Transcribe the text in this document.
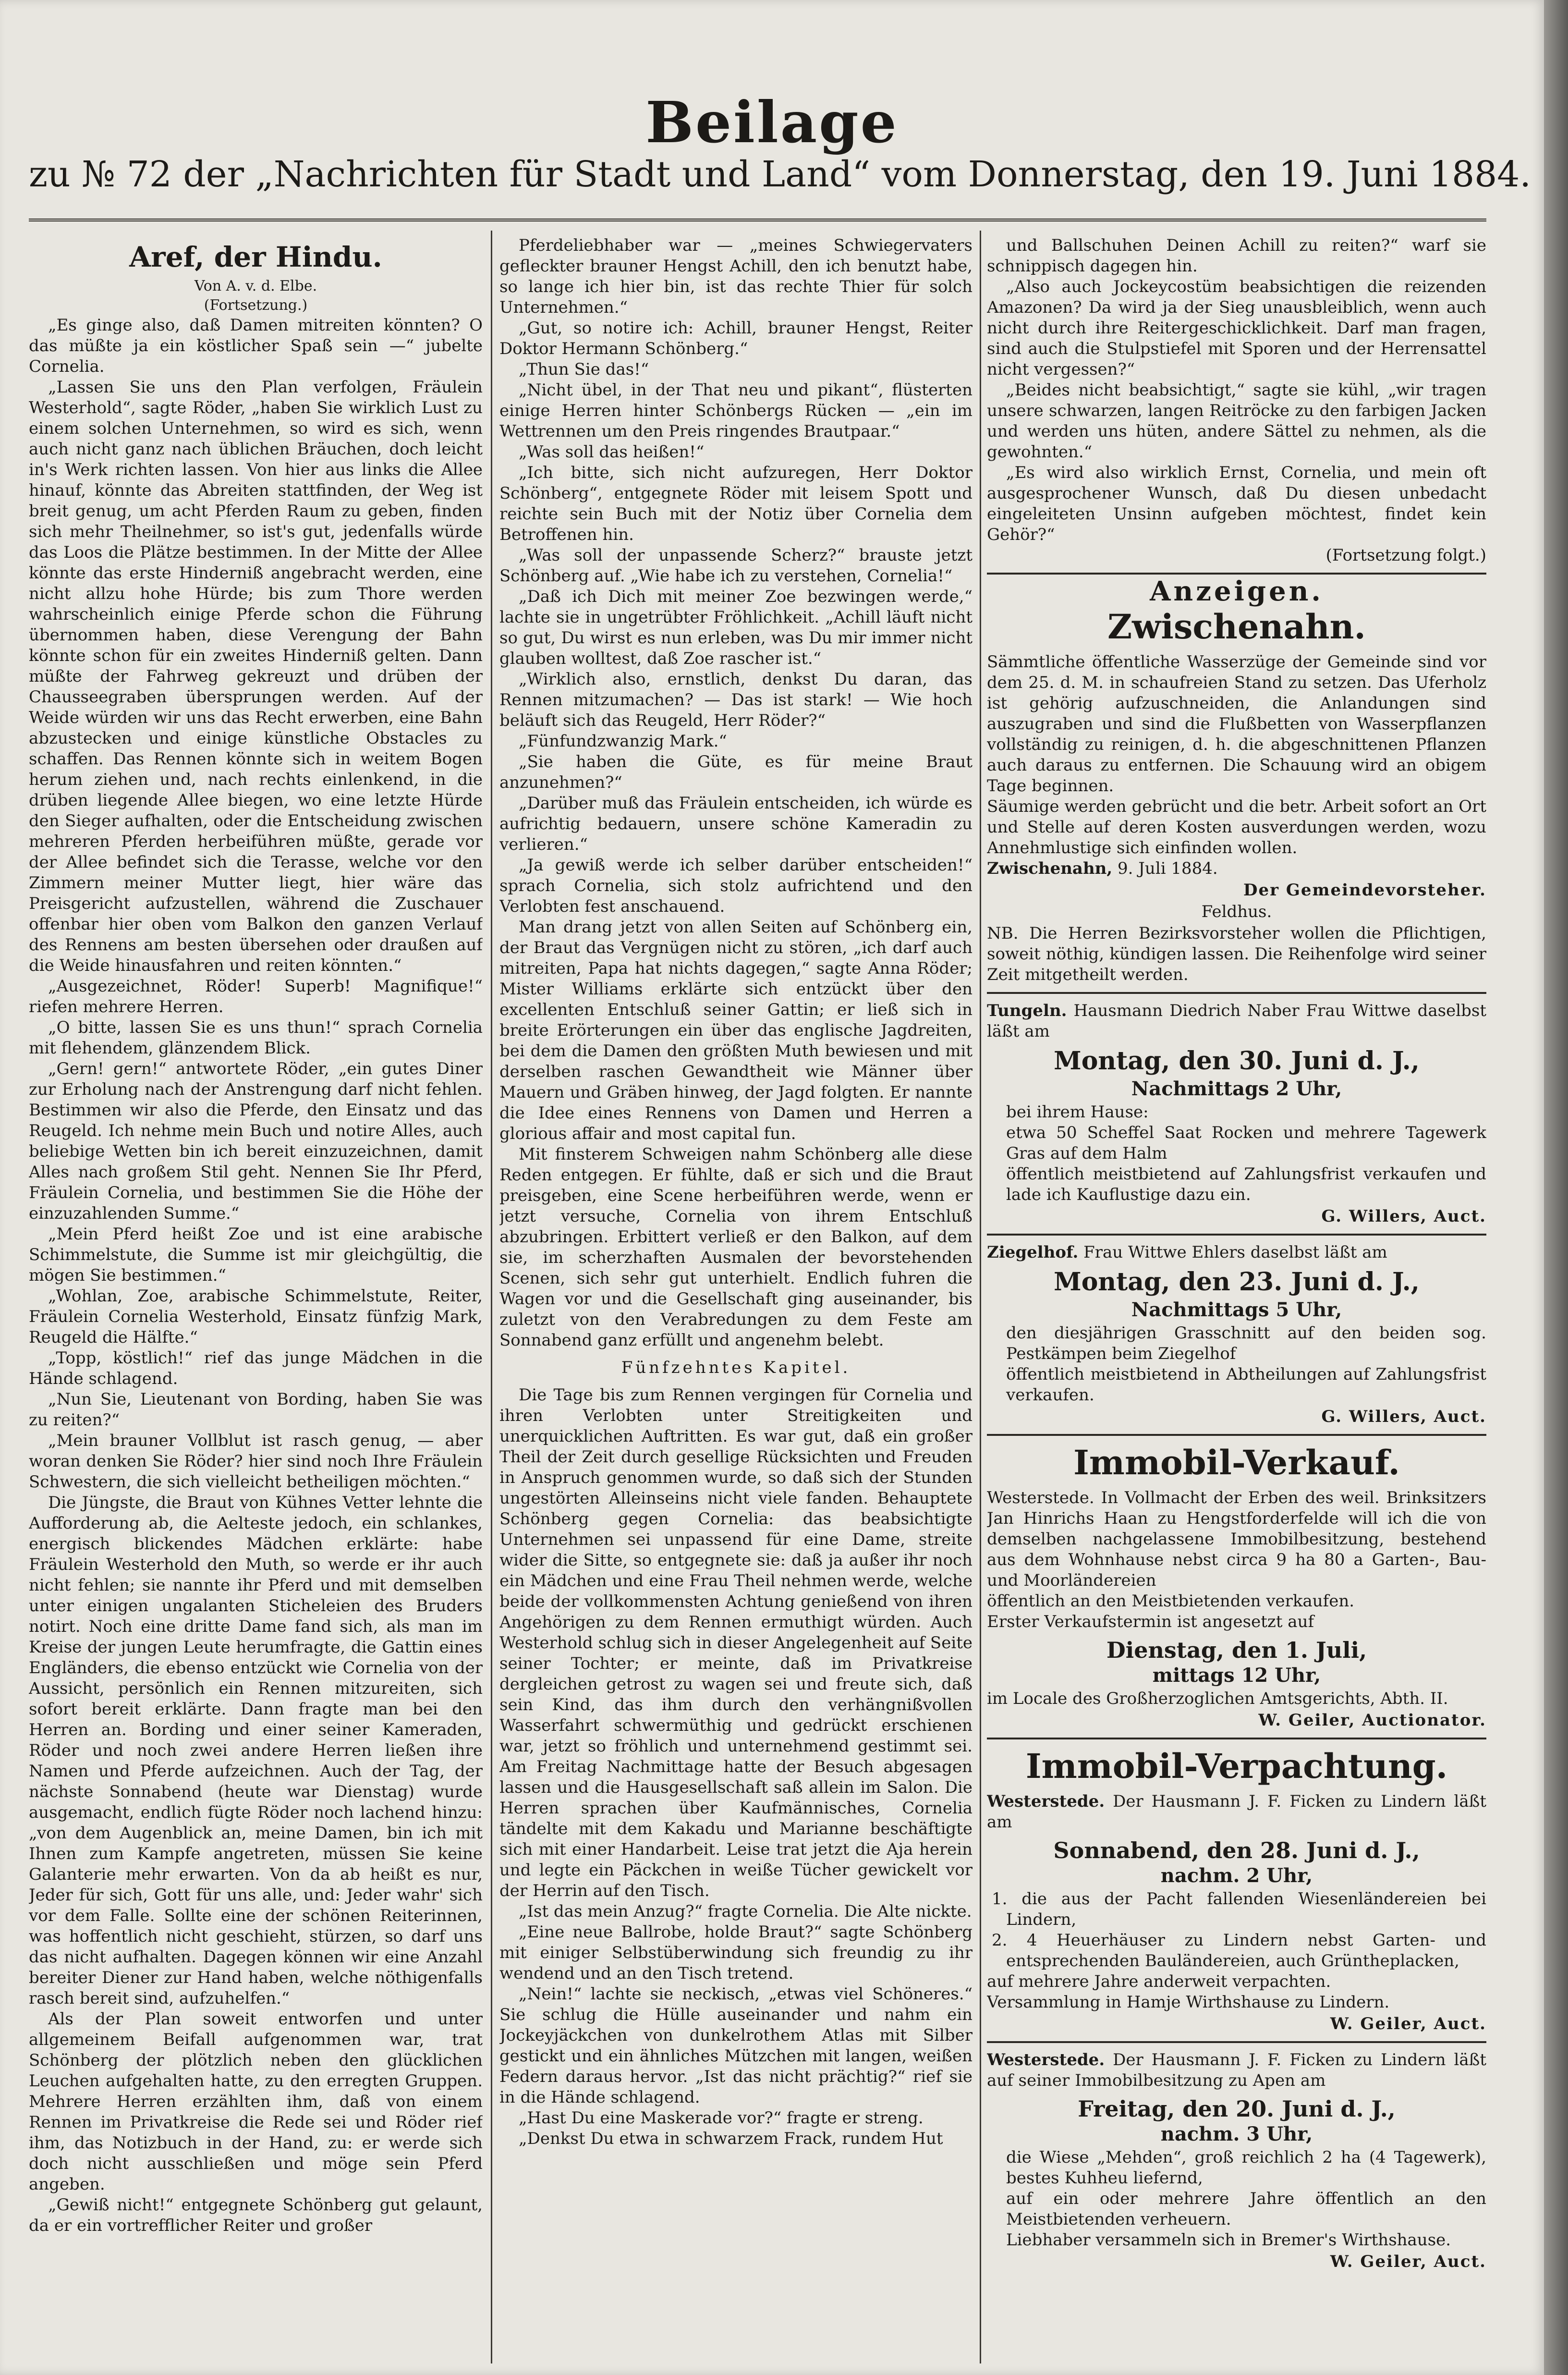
Beilage
zu № 72 der „Nachrichten für Stadt und Land“ vom Donnerstag, den 19. Juni 1884.
Aref, der Hindu.

Von A. v. d. Elbe.

(Fortsetzung.)

„Es ginge also, daß Damen mitreiten könnten? O das müßte ja ein köstlicher Spaß sein —“ jubelte Cornelia.

„Lassen Sie uns den Plan verfolgen, Fräulein Westerhold“, sagte Röder, „haben Sie wirklich Lust zu einem solchen Unternehmen, so wird es sich, wenn auch nicht ganz nach üblichen Bräuchen, doch leicht in's Werk richten lassen. Von hier aus links die Allee hinauf, könnte das Abreiten stattfinden, der Weg ist breit genug, um acht Pferden Raum zu geben, finden sich mehr Theilnehmer, so ist's gut, jedenfalls würde das Loos die Plätze bestimmen. In der Mitte der Allee könnte das erste Hinderniß angebracht werden, eine nicht allzu hohe Hürde; bis zum Thore werden wahrscheinlich einige Pferde schon die Führung übernommen haben, diese Verengung der Bahn könnte schon für ein zweites Hinderniß gelten. Dann müßte der Fahrweg gekreuzt und drüben der Chausseegraben übersprungen werden. Auf der Weide würden wir uns das Recht erwerben, eine Bahn abzustecken und einige künstliche Obstacles zu schaffen. Das Rennen könnte sich in weitem Bogen herum ziehen und, nach rechts einlenkend, in die drüben liegende Allee biegen, wo eine letzte Hürde den Sieger aufhalten, oder die Entscheidung zwischen mehreren Pferden herbeiführen müßte, gerade vor der Allee befindet sich die Terasse, welche vor den Zimmern meiner Mutter liegt, hier wäre das Preisgericht aufzustellen, während die Zuschauer offenbar hier oben vom Balkon den ganzen Verlauf des Rennens am besten übersehen oder draußen auf die Weide hinausfahren und reiten könnten.“

„Ausgezeichnet, Röder! Superb! Magnifique!“ riefen mehrere Herren.

„O bitte, lassen Sie es uns thun!“ sprach Cornelia mit flehendem, glänzendem Blick.

„Gern! gern!“ antwortete Röder, „ein gutes Diner zur Erholung nach der Anstrengung darf nicht fehlen. Bestimmen wir also die Pferde, den Einsatz und das Reugeld. Ich nehme mein Buch und notire Alles, auch beliebige Wetten bin ich bereit einzuzeichnen, damit Alles nach großem Stil geht. Nennen Sie Ihr Pferd, Fräulein Cornelia, und bestimmen Sie die Höhe der einzuzahlenden Summe.“

„Mein Pferd heißt Zoe und ist eine arabische Schimmelstute, die Summe ist mir gleichgültig, die mögen Sie bestimmen.“

„Wohlan, Zoe, arabische Schimmelstute, Reiter, Fräulein Cornelia Westerhold, Einsatz fünfzig Mark, Reugeld die Hälfte.“

„Topp, köstlich!“ rief das junge Mädchen in die Hände schlagend.

„Nun Sie, Lieutenant von Bording, haben Sie was zu reiten?“

„Mein brauner Vollblut ist rasch genug, — aber woran denken Sie Röder? hier sind noch Ihre Fräulein Schwestern, die sich vielleicht betheiligen möchten.“

Die Jüngste, die Braut von Kühnes Vetter lehnte die Aufforderung ab, die Aelteste jedoch, ein schlankes, energisch blickendes Mädchen erklärte: habe Fräulein Westerhold den Muth, so werde er ihr auch nicht fehlen; sie nannte ihr Pferd und mit demselben unter einigen ungalanten Sticheleien des Bruders notirt. Noch eine dritte Dame fand sich, als man im Kreise der jungen Leute herumfragte, die Gattin eines Engländers, die ebenso entzückt wie Cornelia von der Aussicht, persönlich ein Rennen mitzureiten, sich sofort bereit erklärte. Dann fragte man bei den Herren an. Bording und einer seiner Kameraden, Röder und noch zwei andere Herren ließen ihre Namen und Pferde aufzeichnen. Auch der Tag, der nächste Sonnabend (heute war Dienstag) wurde ausgemacht, endlich fügte Röder noch lachend hinzu: „von dem Augenblick an, meine Damen, bin ich mit Ihnen zum Kampfe angetreten, müssen Sie keine Galanterie mehr erwarten. Von da ab heißt es nur, Jeder für sich, Gott für uns alle, und: Jeder wahr' sich vor dem Falle. Sollte eine der schönen Reiterinnen, was hoffentlich nicht geschieht, stürzen, so darf uns das nicht aufhalten. Dagegen können wir eine Anzahl bereiter Diener zur Hand haben, welche nöthigenfalls rasch bereit sind, aufzuhelfen.“

Als der Plan soweit entworfen und unter allgemeinem Beifall aufgenommen war, trat Schönberg der plötzlich neben den glücklichen Leuchen aufgehalten hatte, zu den erregten Gruppen. Mehrere Herren erzählten ihm, daß von einem Rennen im Privatkreise die Rede sei und Röder rief ihm, das Notizbuch in der Hand, zu: er werde sich doch nicht ausschließen und möge sein Pferd angeben.

„Gewiß nicht!“ entgegnete Schönberg gut gelaunt, da er ein vortrefflicher Reiter und großer

Pferdeliebhaber war — „meines Schwiegervaters gefleckter brauner Hengst Achill, den ich benutzt habe, so lange ich hier bin, ist das rechte Thier für solch Unternehmen.“

„Gut, so notire ich: Achill, brauner Hengst, Reiter Doktor Hermann Schönberg.“

„Thun Sie das!“

„Nicht übel, in der That neu und pikant“, flüsterten einige Herren hinter Schönbergs Rücken — „ein im Wettrennen um den Preis ringendes Brautpaar.“

„Was soll das heißen!“

„Ich bitte, sich nicht aufzuregen, Herr Doktor Schönberg“, entgegnete Röder mit leisem Spott und reichte sein Buch mit der Notiz über Cornelia dem Betroffenen hin.

„Was soll der unpassende Scherz?“ brauste jetzt Schönberg auf. „Wie habe ich zu verstehen, Cornelia!“

„Daß ich Dich mit meiner Zoe bezwingen werde,“ lachte sie in ungetrübter Fröhlichkeit. „Achill läuft nicht so gut, Du wirst es nun erleben, was Du mir immer nicht glauben wolltest, daß Zoe rascher ist.“

„Wirklich also, ernstlich, denkst Du daran, das Rennen mitzumachen? — Das ist stark! — Wie hoch beläuft sich das Reugeld, Herr Röder?“

„Fünfundzwanzig Mark.“

„Sie haben die Güte, es für meine Braut anzunehmen?“

„Darüber muß das Fräulein entscheiden, ich würde es aufrichtig bedauern, unsere schöne Kameradin zu verlieren.“

„Ja gewiß werde ich selber darüber entscheiden!“ sprach Cornelia, sich stolz aufrichtend und den Verlobten fest anschauend.

Man drang jetzt von allen Seiten auf Schönberg ein, der Braut das Vergnügen nicht zu stören, „ich darf auch mitreiten, Papa hat nichts dagegen,“ sagte Anna Röder; Mister Williams erklärte sich entzückt über den excellenten Entschluß seiner Gattin; er ließ sich in breite Erörterungen ein über das englische Jagdreiten, bei dem die Damen den größten Muth bewiesen und mit derselben raschen Gewandtheit wie Männer über Mauern und Gräben hinweg, der Jagd folgten. Er nannte die Idee eines Rennens von Damen und Herren a glorious affair and most capital fun.

Mit finsterem Schweigen nahm Schönberg alle diese Reden entgegen. Er fühlte, daß er sich und die Braut preisgeben, eine Scene herbeiführen werde, wenn er jetzt versuche, Cornelia von ihrem Entschluß abzubringen. Erbittert verließ er den Balkon, auf dem sie, im scherzhaften Ausmalen der bevorstehenden Scenen, sich sehr gut unterhielt. Endlich fuhren die Wagen vor und die Gesellschaft ging auseinander, bis zuletzt von den Verabredungen zu dem Feste am Sonnabend ganz erfüllt und angenehm belebt.

Fünfzehntes Kapitel.

Die Tage bis zum Rennen vergingen für Cornelia und ihren Verlobten unter Streitigkeiten und unerquicklichen Auftritten. Es war gut, daß ein großer Theil der Zeit durch gesellige Rücksichten und Freuden in Anspruch genommen wurde, so daß sich der Stunden ungestörten Alleinseins nicht viele fanden. Behauptete Schönberg gegen Cornelia: das beabsichtigte Unternehmen sei unpassend für eine Dame, streite wider die Sitte, so entgegnete sie: daß ja außer ihr noch ein Mädchen und eine Frau Theil nehmen werde, welche beide der vollkommensten Achtung genießend von ihren Angehörigen zu dem Rennen ermuthigt würden. Auch Westerhold schlug sich in dieser Angelegenheit auf Seite seiner Tochter; er meinte, daß im Privatkreise dergleichen getrost zu wagen sei und freute sich, daß sein Kind, das ihm durch den verhängnißvollen Wasserfahrt schwermüthig und gedrückt erschienen war, jetzt so fröhlich und unternehmend gestimmt sei. Am Freitag Nachmittage hatte der Besuch abgesagen lassen und die Hausgesellschaft saß allein im Salon. Die Herren sprachen über Kaufmännisches, Cornelia tändelte mit dem Kakadu und Marianne beschäftigte sich mit einer Handarbeit. Leise trat jetzt die Aja herein und legte ein Päckchen in weiße Tücher gewickelt vor der Herrin auf den Tisch.

„Ist das mein Anzug?“ fragte Cornelia. Die Alte nickte.

„Eine neue Ballrobe, holde Braut?“ sagte Schönberg mit einiger Selbstüberwindung sich freundig zu ihr wendend und an den Tisch tretend.

„Nein!“ lachte sie neckisch, „etwas viel Schöneres.“ Sie schlug die Hülle auseinander und nahm ein Jockeyjäckchen von dunkelrothem Atlas mit Silber gestickt und ein ähnliches Mützchen mit langen, weißen Federn daraus hervor. „Ist das nicht prächtig?“ rief sie in die Hände schlagend.

„Hast Du eine Maskerade vor?“ fragte er streng.

„Denkst Du etwa in schwarzem Frack, rundem Hut

und Ballschuhen Deinen Achill zu reiten?“ warf sie schnippisch dagegen hin.

„Also auch Jockeycostüm beabsichtigen die reizenden Amazonen? Da wird ja der Sieg unausbleiblich, wenn auch nicht durch ihre Reitergeschicklichkeit. Darf man fragen, sind auch die Stulpstiefel mit Sporen und der Herrensattel nicht vergessen?“

„Beides nicht beabsichtigt,“ sagte sie kühl, „wir tragen unsere schwarzen, langen Reitröcke zu den farbigen Jacken und werden uns hüten, andere Sättel zu nehmen, als die gewohnten.“

„Es wird also wirklich Ernst, Cornelia, und mein oft ausgesprochener Wunsch, daß Du diesen unbedacht eingeleiteten Unsinn aufgeben möchtest, findet kein Gehör?“

(Fortsetzung folgt.)

Anzeigen.
Zwischenahn.

Sämmtliche öffentliche Wasserzüge der Gemeinde sind vor dem 25. d. M. in schaufreien Stand zu setzen. Das Uferholz ist gehörig aufzuschneiden, die Anlandungen sind auszugraben und sind die Flußbetten von Wasserpflanzen vollständig zu reinigen, d. h. die abgeschnittenen Pflanzen auch daraus zu entfernen. Die Schauung wird an obigem Tage beginnen.

Säumige werden gebrücht und die betr. Arbeit sofort an Ort und Stelle auf deren Kosten ausverdungen werden, wozu Annehmlustige sich einfinden wollen.

Zwischenahn, 9. Juli 1884.

Der Gemeindevorsteher.

Feldhus.

NB. Die Herren Bezirksvorsteher wollen die Pflichtigen, soweit nöthig, kündigen lassen. Die Reihenfolge wird seiner Zeit mitgetheilt werden.

Tungeln. Hausmann Diedrich Naber Frau Wittwe daselbst läßt am

Montag, den 30. Juni d. J.,
Nachmittags 2 Uhr,

bei ihrem Hause:

etwa 50 Scheffel Saat Rocken und mehrere Tagewerk Gras auf dem Halm

öffentlich meistbietend auf Zahlungsfrist verkaufen und lade ich Kauflustige dazu ein.

G. Willers, Auct.

Ziegelhof. Frau Wittwe Ehlers daselbst läßt am

Montag, den 23. Juni d. J.,
Nachmittags 5 Uhr,

den diesjährigen Grasschnitt auf den beiden sog. Pestkämpen beim Ziegelhof

öffentlich meistbietend in Abtheilungen auf Zahlungsfrist verkaufen.

G. Willers, Auct.

Immobil-Verkauf.

Westerstede. In Vollmacht der Erben des weil. Brinksitzers Jan Hinrichs Haan zu Hengstforderfelde will ich die von demselben nachgelassene Immobilbesitzung, bestehend aus dem Wohnhause nebst circa 9 ha 80 a Garten-, Bau- und Moorländereien

öffentlich an den Meistbietenden verkaufen.

Erster Verkaufstermin ist angesetzt auf

Dienstag, den 1. Juli,
mittags 12 Uhr,

im Locale des Großherzoglichen Amtsgerichts, Abth. II.

W. Geiler, Auctionator.

Immobil-Verpachtung.

Westerstede. Der Hausmann J. F. Ficken zu Lindern läßt am

Sonnabend, den 28. Juni d. J.,
nachm. 2 Uhr,

1. die aus der Pacht fallenden Wiesenländereien bei Lindern,

2. 4 Heuerhäuser zu Lindern nebst Garten- und entsprechenden Bauländereien, auch Grüntheplacken,

auf mehrere Jahre anderweit verpachten.

Versammlung in Hamje Wirthshause zu Lindern.

W. Geiler, Auct.

Westerstede. Der Hausmann J. F. Ficken zu Lindern läßt auf seiner Immobilbesitzung zu Apen am

Freitag, den 20. Juni d. J.,
nachm. 3 Uhr,

die Wiese „Mehden“, groß reichlich 2 ha (4 Tagewerk), bestes Kuhheu liefernd,

auf ein oder mehrere Jahre öffentlich an den Meistbietenden verheuern.

Liebhaber versammeln sich in Bremer's Wirthshause.

W. Geiler, Auct.
